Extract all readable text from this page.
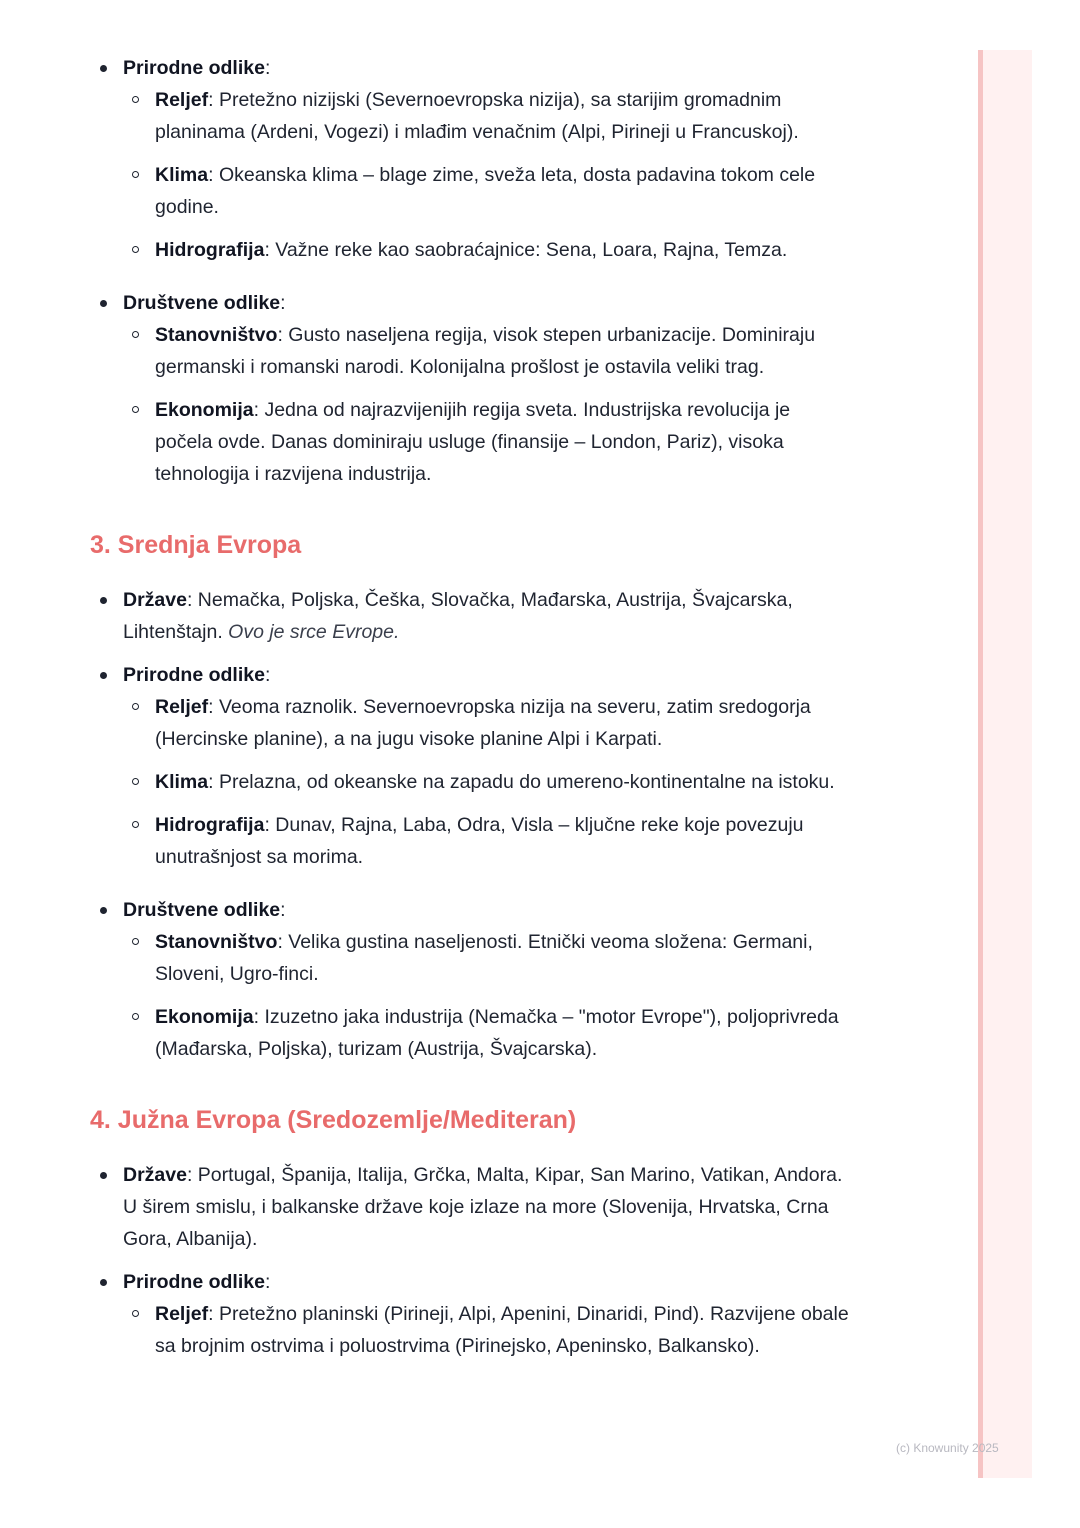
Prirodne odlike:
Reljef: Pretežno nizijski (Severnoevropska nizija), sa starijim gromadnim planinama (Ardeni, Vogezi) i mlađim venačnim (Alpi, Pirineji u Francuskoj).
Klima: Okeanska klima – blage zime, sveža leta, dosta padavina tokom cele godine.
Hidrografija: Važne reke kao saobraćajnice: Sena, Loara, Rajna, Temza.
Društvene odlike:
Stanovništvo: Gusto naseljena regija, visok stepen urbanizacije. Dominiraju germanski i romanski narodi. Kolonijalna prošlost je ostavila veliki trag.
Ekonomija: Jedna od najrazvijenijih regija sveta. Industrijska revolucija je počela ovde. Danas dominiraju usluge (finansije – London, Pariz), visoka tehnologija i razvijena industrija.
3. Srednja Evropa
Države: Nemačka, Poljska, Češka, Slovačka, Mađarska, Austrija, Švajcarska, Lihtenštajn. Ovo je srce Evrope.
Prirodne odlike:
Reljef: Veoma raznolik. Severnoevropska nizija na severu, zatim sredogorja (Hercinske planine), a na jugu visoke planine Alpi i Karpati.
Klima: Prelazna, od okeanske na zapadu do umereno-kontinentalne na istoku.
Hidrografija: Dunav, Rajna, Laba, Odra, Visla – ključne reke koje povezuju unutrašnjost sa morima.
Društvene odlike:
Stanovništvo: Velika gustina naseljenosti. Etnički veoma složena: Germani, Sloveni, Ugro-finci.
Ekonomija: Izuzetno jaka industrija (Nemačka – "motor Evrope"), poljoprivreda (Mađarska, Poljska), turizam (Austrija, Švajcarska).
4. Južna Evropa (Sredozemlje/Mediteran)
Države: Portugal, Španija, Italija, Grčka, Malta, Kipar, San Marino, Vatikan, Andora. U širem smislu, i balkanske države koje izlaze na more (Slovenija, Hrvatska, Crna Gora, Albanija).
Prirodne odlike:
Reljef: Pretežno planinski (Pirineji, Alpi, Apenini, Dinaridi, Pind). Razvijene obale sa brojnim ostrvima i poluostrvima (Pirinejsko, Apeninsko, Balkansko).
(c) Knowunity 2025
